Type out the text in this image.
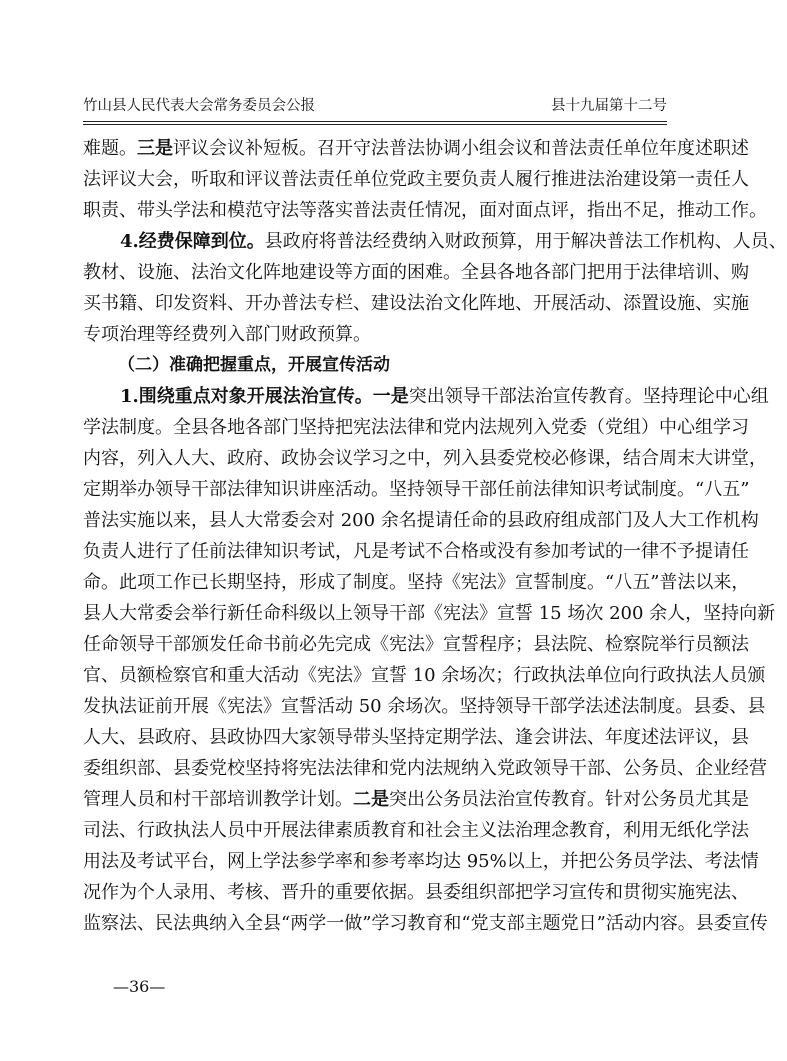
竹山县人民代表大会常务委员会公报	县十九届第十二号
难题。三是评议会议补短板。召开守法普法协调小组会议和普法责任单位年度述职述
法评议大会，听取和评议普法责任单位党政主要负责人履行推进法治建设第一责任人
职责、带头学法和模范守法等落实普法责任情况，面对面点评，指出不足，推动工作。
4.经费保障到位。县政府将普法经费纳入财政预算，用于解决普法工作机构、人员、
教材、设施、法治文化阵地建设等方面的困难。全县各地各部门把用于法律培训、购
买书籍、印发资料、开办普法专栏、建设法治文化阵地、开展活动、添置设施、实施
专项治理等经费列入部门财政预算。
（二）准确把握重点，开展宣传活动
1.围绕重点对象开展法治宣传。一是突出领导干部法治宣传教育。坚持理论中心组
学法制度。全县各地各部门坚持把宪法法律和党内法规列入党委（党组）中心组学习
内容，列入人大、政府、政协会议学习之中，列入县委党校必修课，结合周末大讲堂，
定期举办领导干部法律知识讲座活动。坚持领导干部任前法律知识考试制度。“八五”
普法实施以来，县人大常委会对 200 余名提请任命的县政府组成部门及人大工作机构
负责人进行了任前法律知识考试，凡是考试不合格或没有参加考试的一律不予提请任
命。此项工作已长期坚持，形成了制度。坚持《宪法》宣誓制度。“八五”普法以来，
县人大常委会举行新任命科级以上领导干部《宪法》宣誓 15 场次 200 余人，坚持向新
任命领导干部颁发任命书前必先完成《宪法》宣誓程序；县法院、检察院举行员额法
官、员额检察官和重大活动《宪法》宣誓 10 余场次；行政执法单位向行政执法人员颁
发执法证前开展《宪法》宣誓活动 50 余场次。坚持领导干部学法述法制度。县委、县
人大、县政府、县政协四大家领导带头坚持定期学法、逢会讲法、年度述法评议，县
委组织部、县委党校坚持将宪法法律和党内法规纳入党政领导干部、公务员、企业经营
管理人员和村干部培训教学计划。二是突出公务员法治宣传教育。针对公务员尤其是
司法、行政执法人员中开展法律素质教育和社会主义法治理念教育，利用无纸化学法
用法及考试平台，网上学法参学率和参考率均达 95%以上，并把公务员学法、考法情
况作为个人录用、考核、晋升的重要依据。县委组织部把学习宣传和贯彻实施宪法、
监察法、民法典纳入全县“两学一做”学习教育和“党支部主题党日”活动内容。县委宣传
—36—
